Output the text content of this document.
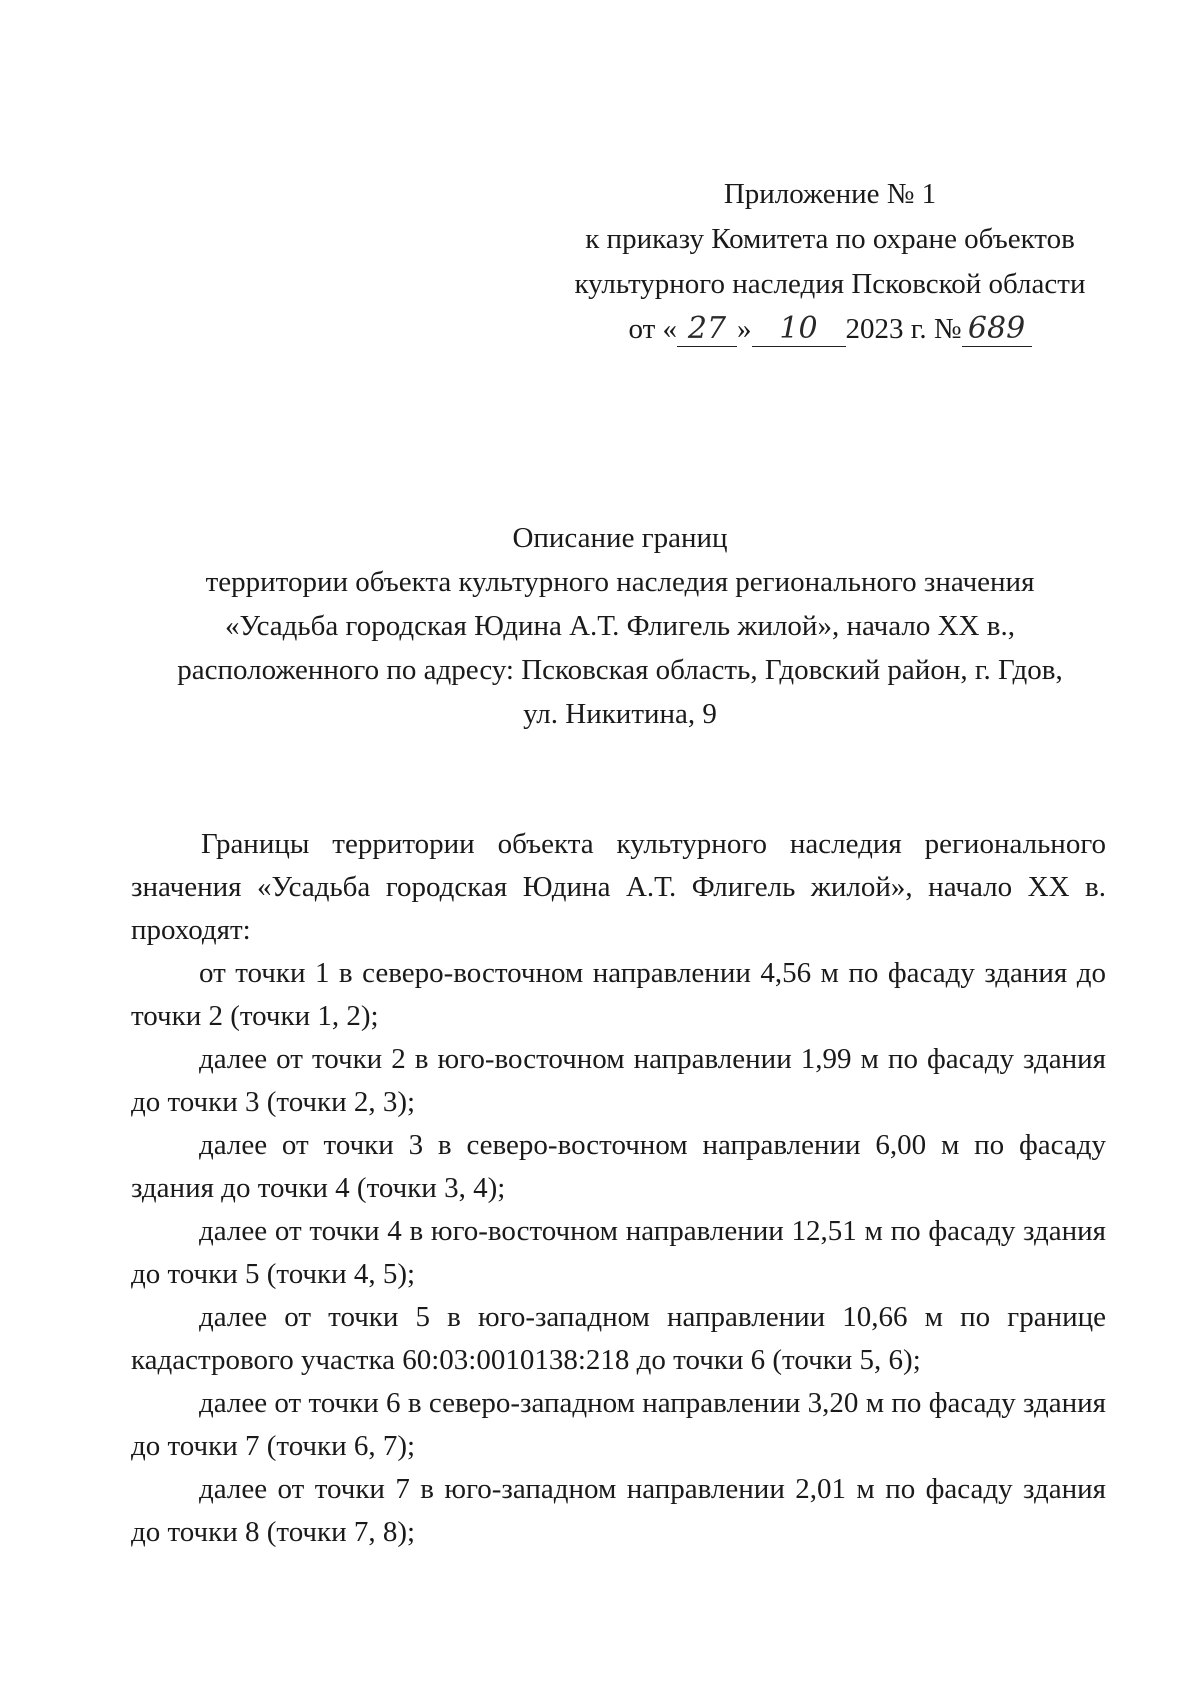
Приложение № 1
к приказу Комитета по охране объектов
культурного наследия Псковской области
от « 27 » 10 2023 г. № 689
Описание границ
территории объекта культурного наследия регионального значения
«Усадьба городская Юдина А.Т. Флигель жилой», начало XX в.,
расположенного по адресу: Псковская область, Гдовский район, г. Гдов,
ул. Никитина, 9

Границы территории объекта культурного наследия регионального значения «Усадьба городская Юдина А.Т. Флигель жилой», начало XX в. проходят:

от точки 1 в северо-восточном направлении 4,56 м по фасаду здания до точки 2 (точки 1, 2);

далее от точки 2 в юго-восточном направлении 1,99 м по фасаду здания до точки 3 (точки 2, 3);

далее от точки 3 в северо-восточном направлении 6,00 м по фасаду здания до точки 4 (точки 3, 4);

далее от точки 4 в юго-восточном направлении 12,51 м по фасаду здания до точки 5 (точки 4, 5);

далее от точки 5 в юго-западном направлении 10,66 м по границе кадастрового участка 60:03:0010138:218 до точки 6 (точки 5, 6);

далее от точки 6 в северо-западном направлении 3,20 м по фасаду здания до точки 7 (точки 6, 7);

далее от точки 7 в юго-западном направлении 2,01 м по фасаду здания до точки 8 (точки 7, 8);
